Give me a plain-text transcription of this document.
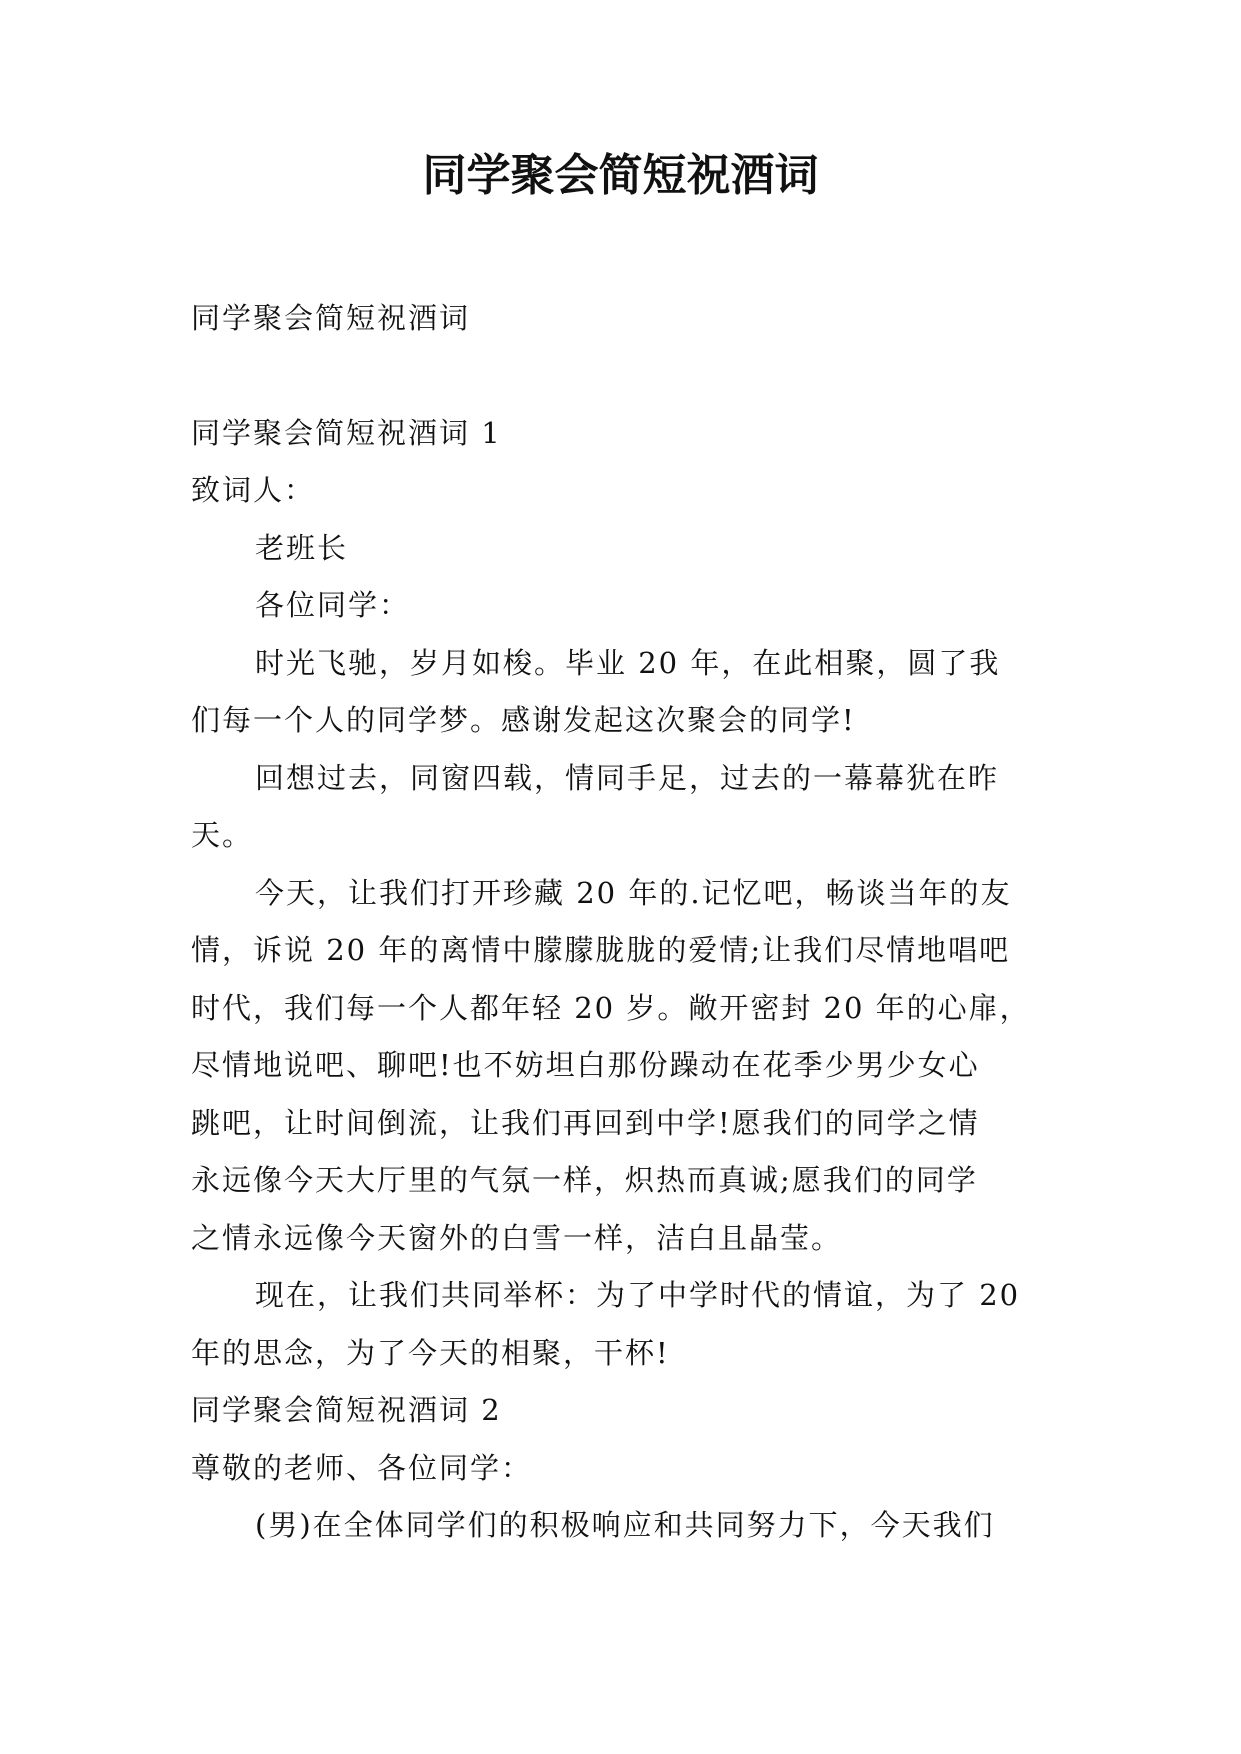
同学聚会简短祝酒词

同学聚会简短祝酒词

同学聚会简短祝酒词 1

致词人：

老班长

各位同学：

时光飞驰，岁月如梭。毕业 20 年，在此相聚，圆了我

们每一个人的同学梦。感谢发起这次聚会的同学!

回想过去，同窗四载，情同手足，过去的一幕幕犹在昨

天。

今天，让我们打开珍藏 20 年的.记忆吧，畅谈当年的友

情，诉说 20 年的离情中朦朦胧胧的爱情;让我们尽情地唱吧

时代，我们每一个人都年轻 20 岁。敞开密封 20 年的心扉，

尽情地说吧、聊吧!也不妨坦白那份躁动在花季少男少女心

跳吧，让时间倒流，让我们再回到中学!愿我们的同学之情

永远像今天大厅里的气氛一样，炽热而真诚;愿我们的同学

之情永远像今天窗外的白雪一样，洁白且晶莹。

现在，让我们共同举杯：为了中学时代的情谊，为了 20

年的思念，为了今天的相聚，干杯!

同学聚会简短祝酒词 2

尊敬的老师、各位同学：

(男)在全体同学们的积极响应和共同努力下，今天我们
